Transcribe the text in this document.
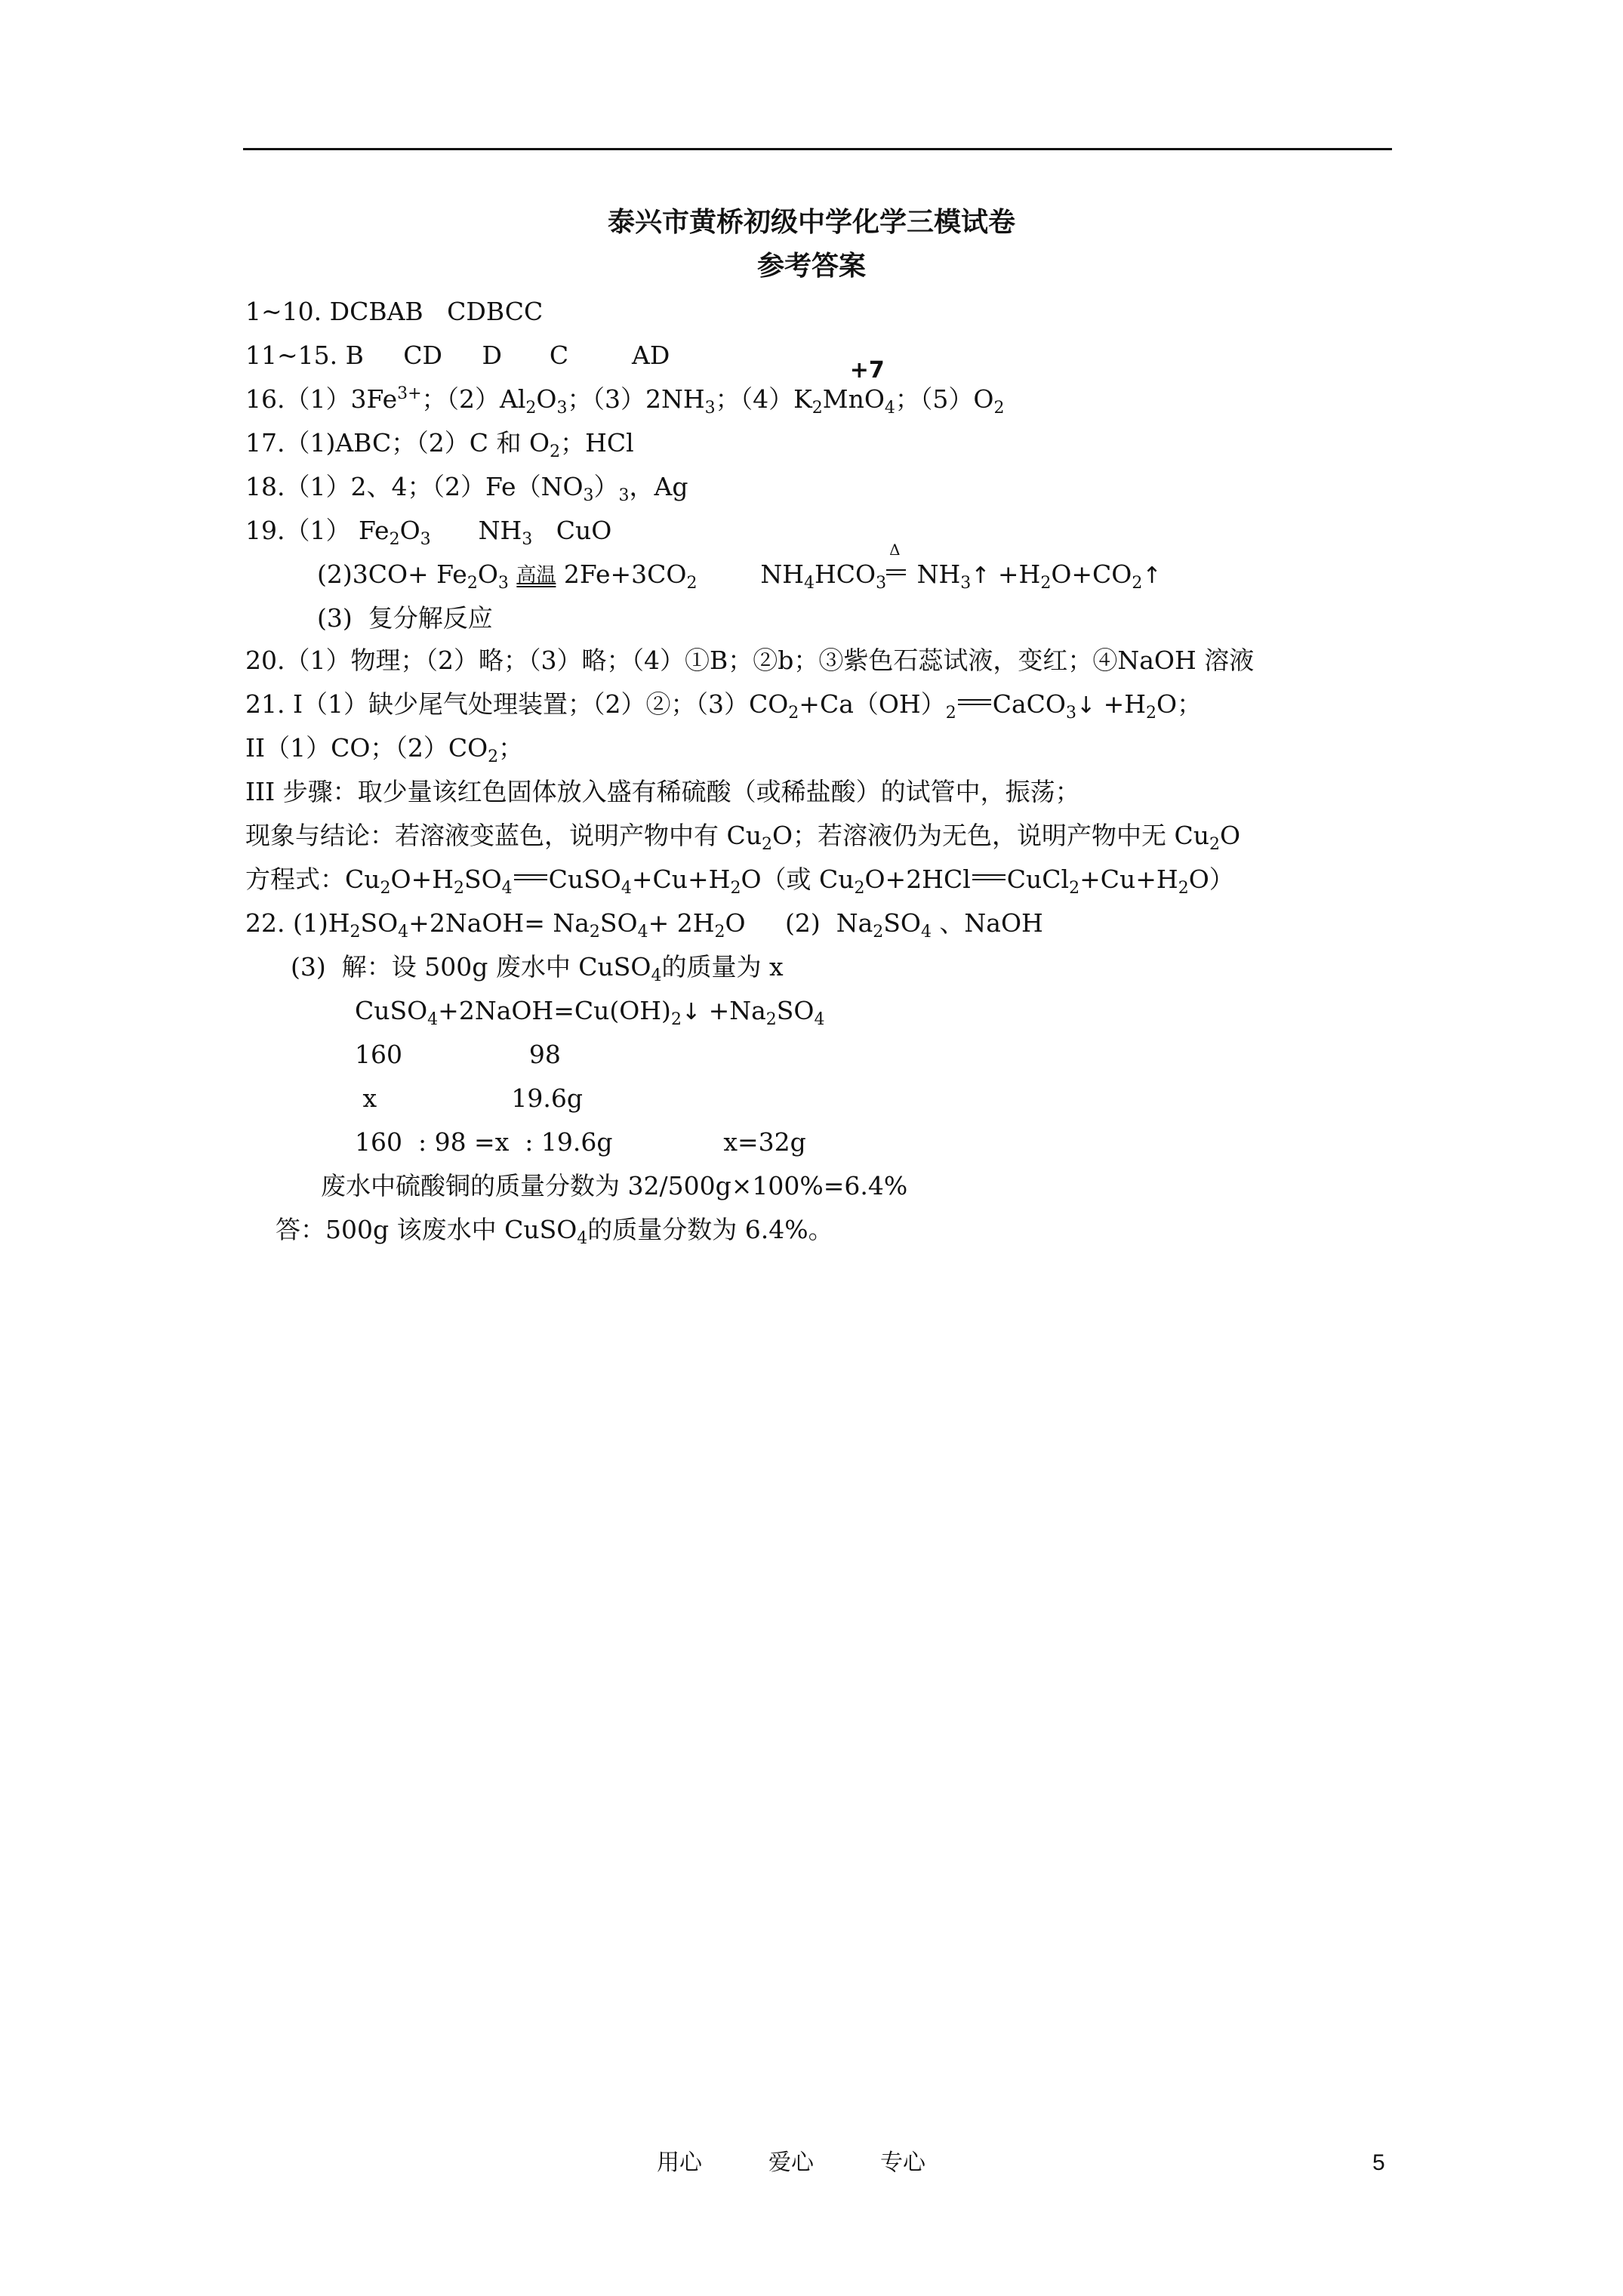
泰兴市黄桥初级中学化学三模试卷
参考答案
1~10. DCBAB   CDBCC
11~15. B     CD     D      C        AD
$16.(1)3Fe^{3+}$；$(2)Al_2O_3$；$(3)2NH_3$；$(4)K_2MnO$
+7
$_4$；$(5)O_2$
17.（1)ABC；（2）C 和 $O_2$；HCl
18.（1）2、4；$(2)Fe(NO_3)_3$，Ag
19.（1） $Fe_2O_3$      $NH_3$   CuO
$(2)3CO+ Fe_2O_3$ 高温 $2Fe+3CO_2$        $NH_4HCO_3$
Δ
$NH_3↑$ $+H_2O+CO_2↑$
(3)  复分解反应
20.（1）物理；（2）略；（3）略；（4）①B；②b；③紫色石蕊试液，变红；④NaOH 溶液
21. I（1）缺少尾气处理装置；（2）②；$(3)CO_2+Ca(OH)_2$ CaCO$_3$↓ $+H_2O$；
II（1）CO；$(2)CO_2$；
III 步骤：取少量该红色固体放入盛有稀硫酸（或稀盐酸）的试管中，振荡；
现象与结论：若溶液变蓝色，说明产物中有 $Cu_2O$；若溶液仍为无色，说明产物中无 $Cu_2O$
方程式：$Cu_2O+H_2SO_4$ $CuSO_4+Cu+H_2O$（或 $Cu_2O+2HCl$ $CuCl_2+Cu+H_2O$）
22. $(1)H_2SO_4+2NaOH= Na_2SO_4+ 2H_2O$     (2)  $Na_2SO_4$ 、NaOH
(3)  解：设 500g 废水中 CuSO$_4$的质量为 x
$CuSO_4+2NaOH=Cu(OH)_2↓ +Na_2SO_4$
160                98
x                 19.6g
160  : 98 =x  : 19.6g              x=32g
废水中硫酸铜的质量分数为 32/500g×100%=6.4%
答：500g 该废水中 CuSO$_4$的质量分数为 6.4%。
用心	爱心	专心	5
